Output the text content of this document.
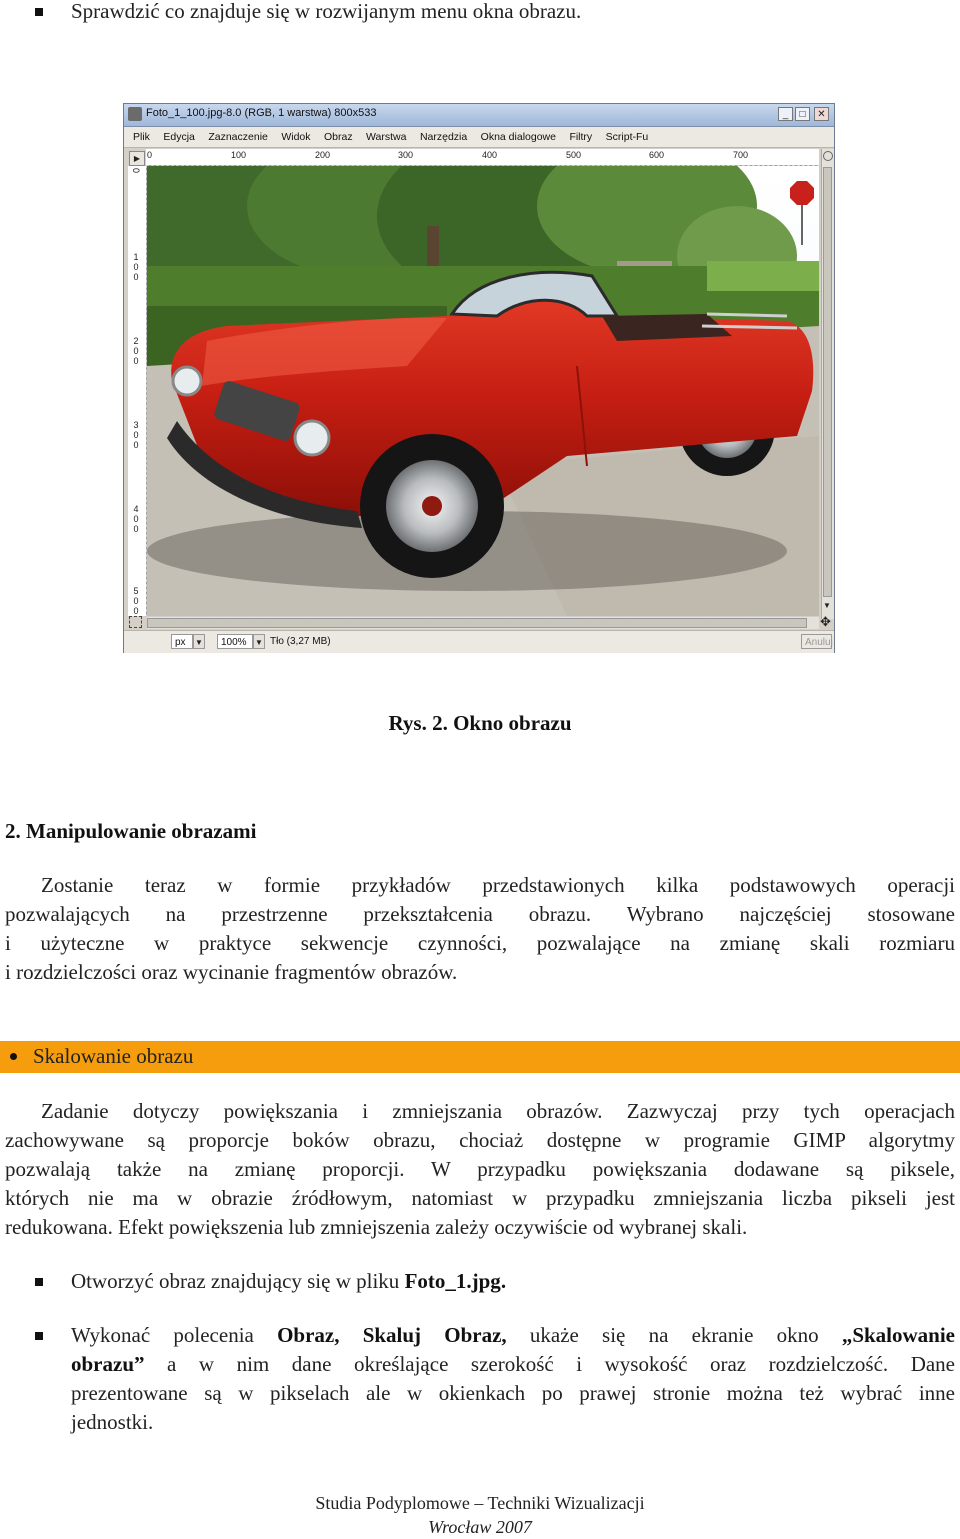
Sprawdzić co znajduje się w rozwijanym menu okna obrazu.
Foto_1_100.jpg-8.0 (RGB, 1 warstwa) 800x533	_	□	✕
Plik Edycja Zaznaczenie Widok Obraz Warstwa Narzędzia Okna dialogowe Filtry Script-Fu
▶ 0	100	200	300	400	500	600	700
0
100
200
300
400
500	▼
✥
px	▼	100%	▼ Tło (3,27 MB)	Anuluj
Rys. 2. Okno obrazu
2. Manipulowanie obrazami
Zostanie teraz w formie przykładów przedstawionych kilka podstawowych operacji
pozwalających na przestrzenne przekształcenia obrazu. Wybrano najczęściej stosowane
i użyteczne w praktyce sekwencje czynności, pozwalające na zmianę skali rozmiaru
i rozdzielczości oraz wycinanie fragmentów obrazów.
Skalowanie obrazu
Zadanie dotyczy powiększania i zmniejszania obrazów. Zazwyczaj przy tych operacjach
zachowywane są proporcje boków obrazu, chociaż dostępne w programie GIMP algorytmy
pozwalają także na zmianę proporcji. W przypadku powiększania dodawane są piksele,
których nie ma w obrazie źródłowym, natomiast w przypadku zmniejszania liczba pikseli jest
redukowana. Efekt powiększenia lub zmniejszenia zależy oczywiście od wybranej skali.
Otworzyć obraz znajdujący się w pliku Foto_1.jpg.
Wykonać polecenia Obraz, Skaluj Obraz, ukaże się na ekranie okno „Skalowanie
obrazu” a w nim dane określające szerokość i wysokość oraz rozdzielczość. Dane
prezentowane są w pikselach ale w okienkach po prawej stronie można też wybrać inne
jednostki.
Studia Podyplomowe – Techniki Wizualizacji
Wrocław 2007
